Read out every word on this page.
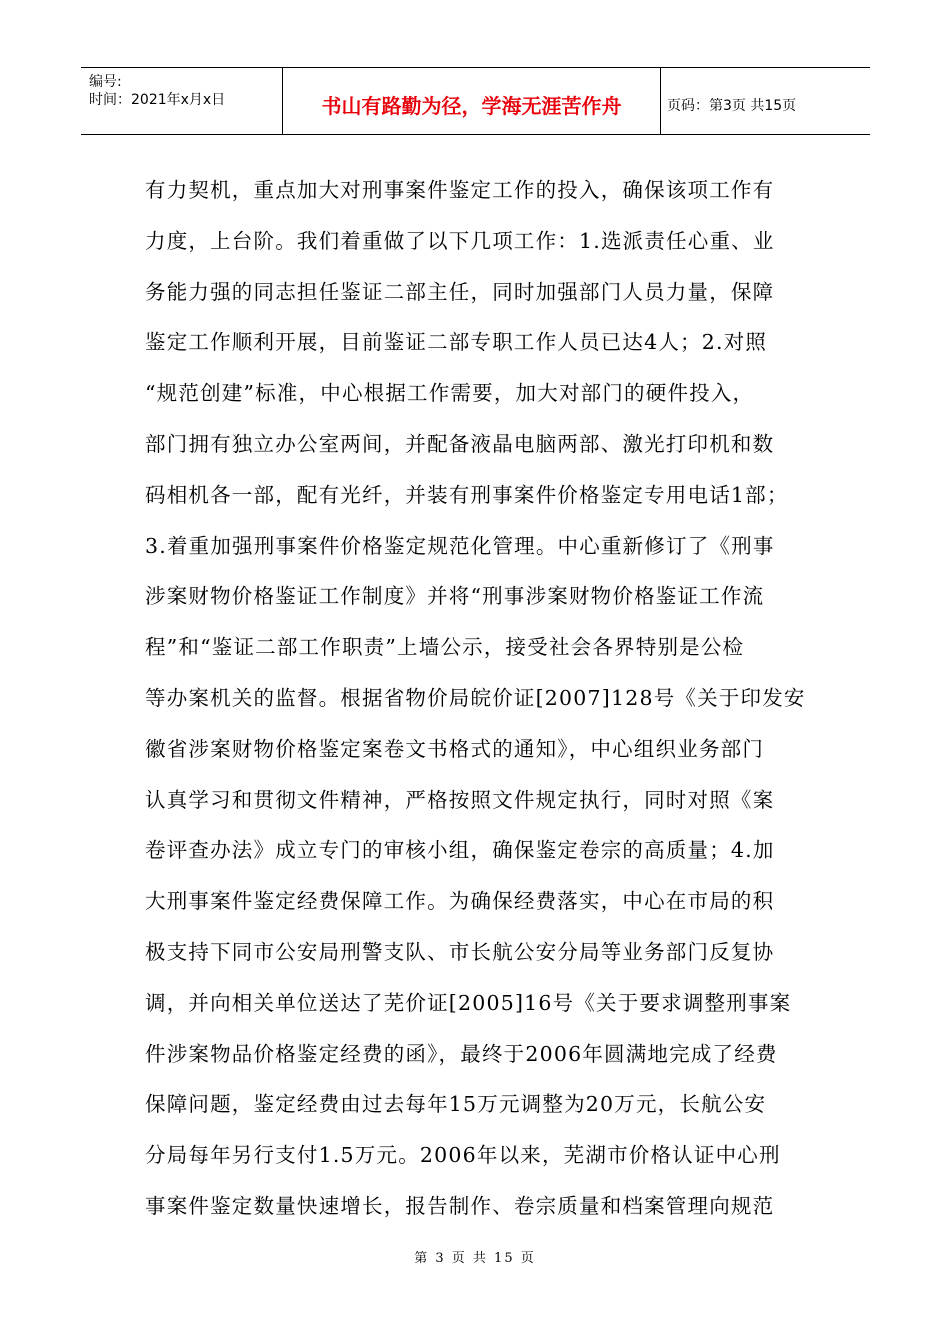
编号:
时间：2021年x月x日	书山有路勤为径，学海无涯苦作舟	页码：第3页 共15页
有力契机，重点加大对刑事案件鉴定工作的投入，确保该项工作有
力度，上台阶。我们着重做了以下几项工作：1.选派责任心重、业
务能力强的同志担任鉴证二部主任，同时加强部门人员力量，保障
鉴定工作顺利开展，目前鉴证二部专职工作人员已达4人；2.对照
“规范创建”标准，中心根据工作需要，加大对部门的硬件投入，
部门拥有独立办公室两间，并配备液晶电脑两部、激光打印机和数
码相机各一部，配有光纤，并装有刑事案件价格鉴定专用电话1部；
3.着重加强刑事案件价格鉴定规范化管理。中心重新修订了《刑事
涉案财物价格鉴证工作制度》并将“刑事涉案财物价格鉴证工作流
程”和“鉴证二部工作职责”上墙公示，接受社会各界特别是公检
等办案机关的监督。根据省物价局皖价证[2007]128号《关于印发安
徽省涉案财物价格鉴定案卷文书格式的通知》，中心组织业务部门
认真学习和贯彻文件精神，严格按照文件规定执行，同时对照《案
卷评查办法》成立专门的审核小组，确保鉴定卷宗的高质量；4.加
大刑事案件鉴定经费保障工作。为确保经费落实，中心在市局的积
极支持下同市公安局刑警支队、市长航公安分局等业务部门反复协
调，并向相关单位送达了芜价证[2005]16号《关于要求调整刑事案
件涉案物品价格鉴定经费的函》，最终于2006年圆满地完成了经费
保障问题，鉴定经费由过去每年15万元调整为20万元，长航公安
分局每年另行支付1.5万元。2006年以来，芜湖市价格认证中心刑
事案件鉴定数量快速增长，报告制作、卷宗质量和档案管理向规范
第 3 页 共 15 页
